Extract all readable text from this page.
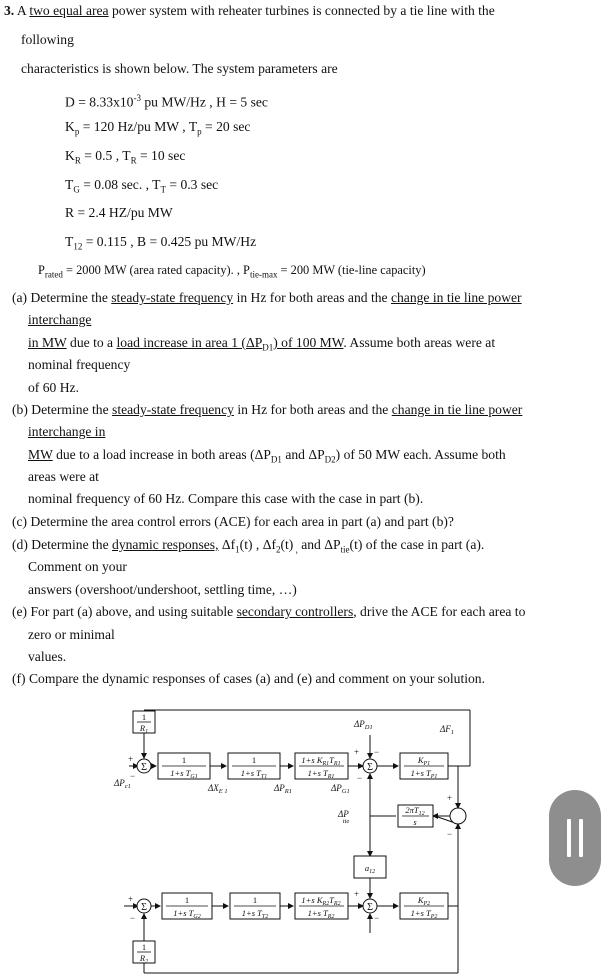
3. A two equal area power system with reheater turbines is connected by a tie line with the
following
characteristics is shown below. The system parameters are
$D = 8.33x10^{-3}$ pu MW/Hz , H = 5 sec
$K_p = 120$ Hz/pu MW , $T_p = 20$ sec
$K_R = 0.5$ , $T_R = 10$ sec
$T_G = 0.08$ sec. , $T_T = 0.3$ sec
R = 2.4 HZ/pu MW
$T_{12} = 0.115$ , B = 0.425 pu MW/Hz
$P_{rated} = 2000$ MW (area rated capacity). , $P_{tie-max} = 200$ MW (tie-line capacity)
(a) Determine the steady-state frequency in Hz for both areas and the change in tie line power
interchange
in MW due to a load increase in area 1 $(\Delta P_{D1})$ of 100 MW. Assume both areas were at
nominal frequency
of 60 Hz.
(b) Determine the steady-state frequency in Hz for both areas and the change in tie line power
interchange in
MW due to a load increase in both areas ($\Delta P_{D1}$ and $\Delta P_{D2}$) of 50 MW each. Assume both
areas were at
nominal frequency of 60 Hz. Compare this case with the case in part (b).
(c) Determine the area control errors (ACE) for each area in part (a) and part (b)?
(d) Determine the dynamic responses, $\Delta f_1(t)$ , $\Delta f_2(t)$ $_,$ and $\Delta P_{tie}(t)$ of the case in part (a).
Comment on your
answers (overshoot/undershoot, settling time, …)
(e) For part (a) above, and using suitable secondary controllers, drive the ACE for each area to
zero or minimal
values.
(f) Compare the dynamic responses of cases (a) and (e) and comment on your solution.
Σ	Σ
Σ	Σ
1
$R_1$
1
1+s $T_{G1}$
1
1+s $T_{T1}$
1+s $K_{R1}T_{R1}$
1+s $T_{R1}$
$K_{P1}$
1+s $T_{P1}$
$2\pi T_{12}$
s
$a_{12}$
1
1+s $T_{G2}$
1
1+s $T_{T2}$
1+s $K_{R2}T_{R2}$
1+s $T_{R2}$
$K_{P2}$
1+s $T_{P2}$
1
$R_2$
$\Delta P_{D1}$	$\Delta F_1$
$\Delta P_{c1}$	$\Delta X_{E 1}$	$\Delta P_{R1}$	$\Delta P_{G1}$
ΔP tie
+
−
+ −
−
+
−
+
−
+
−
